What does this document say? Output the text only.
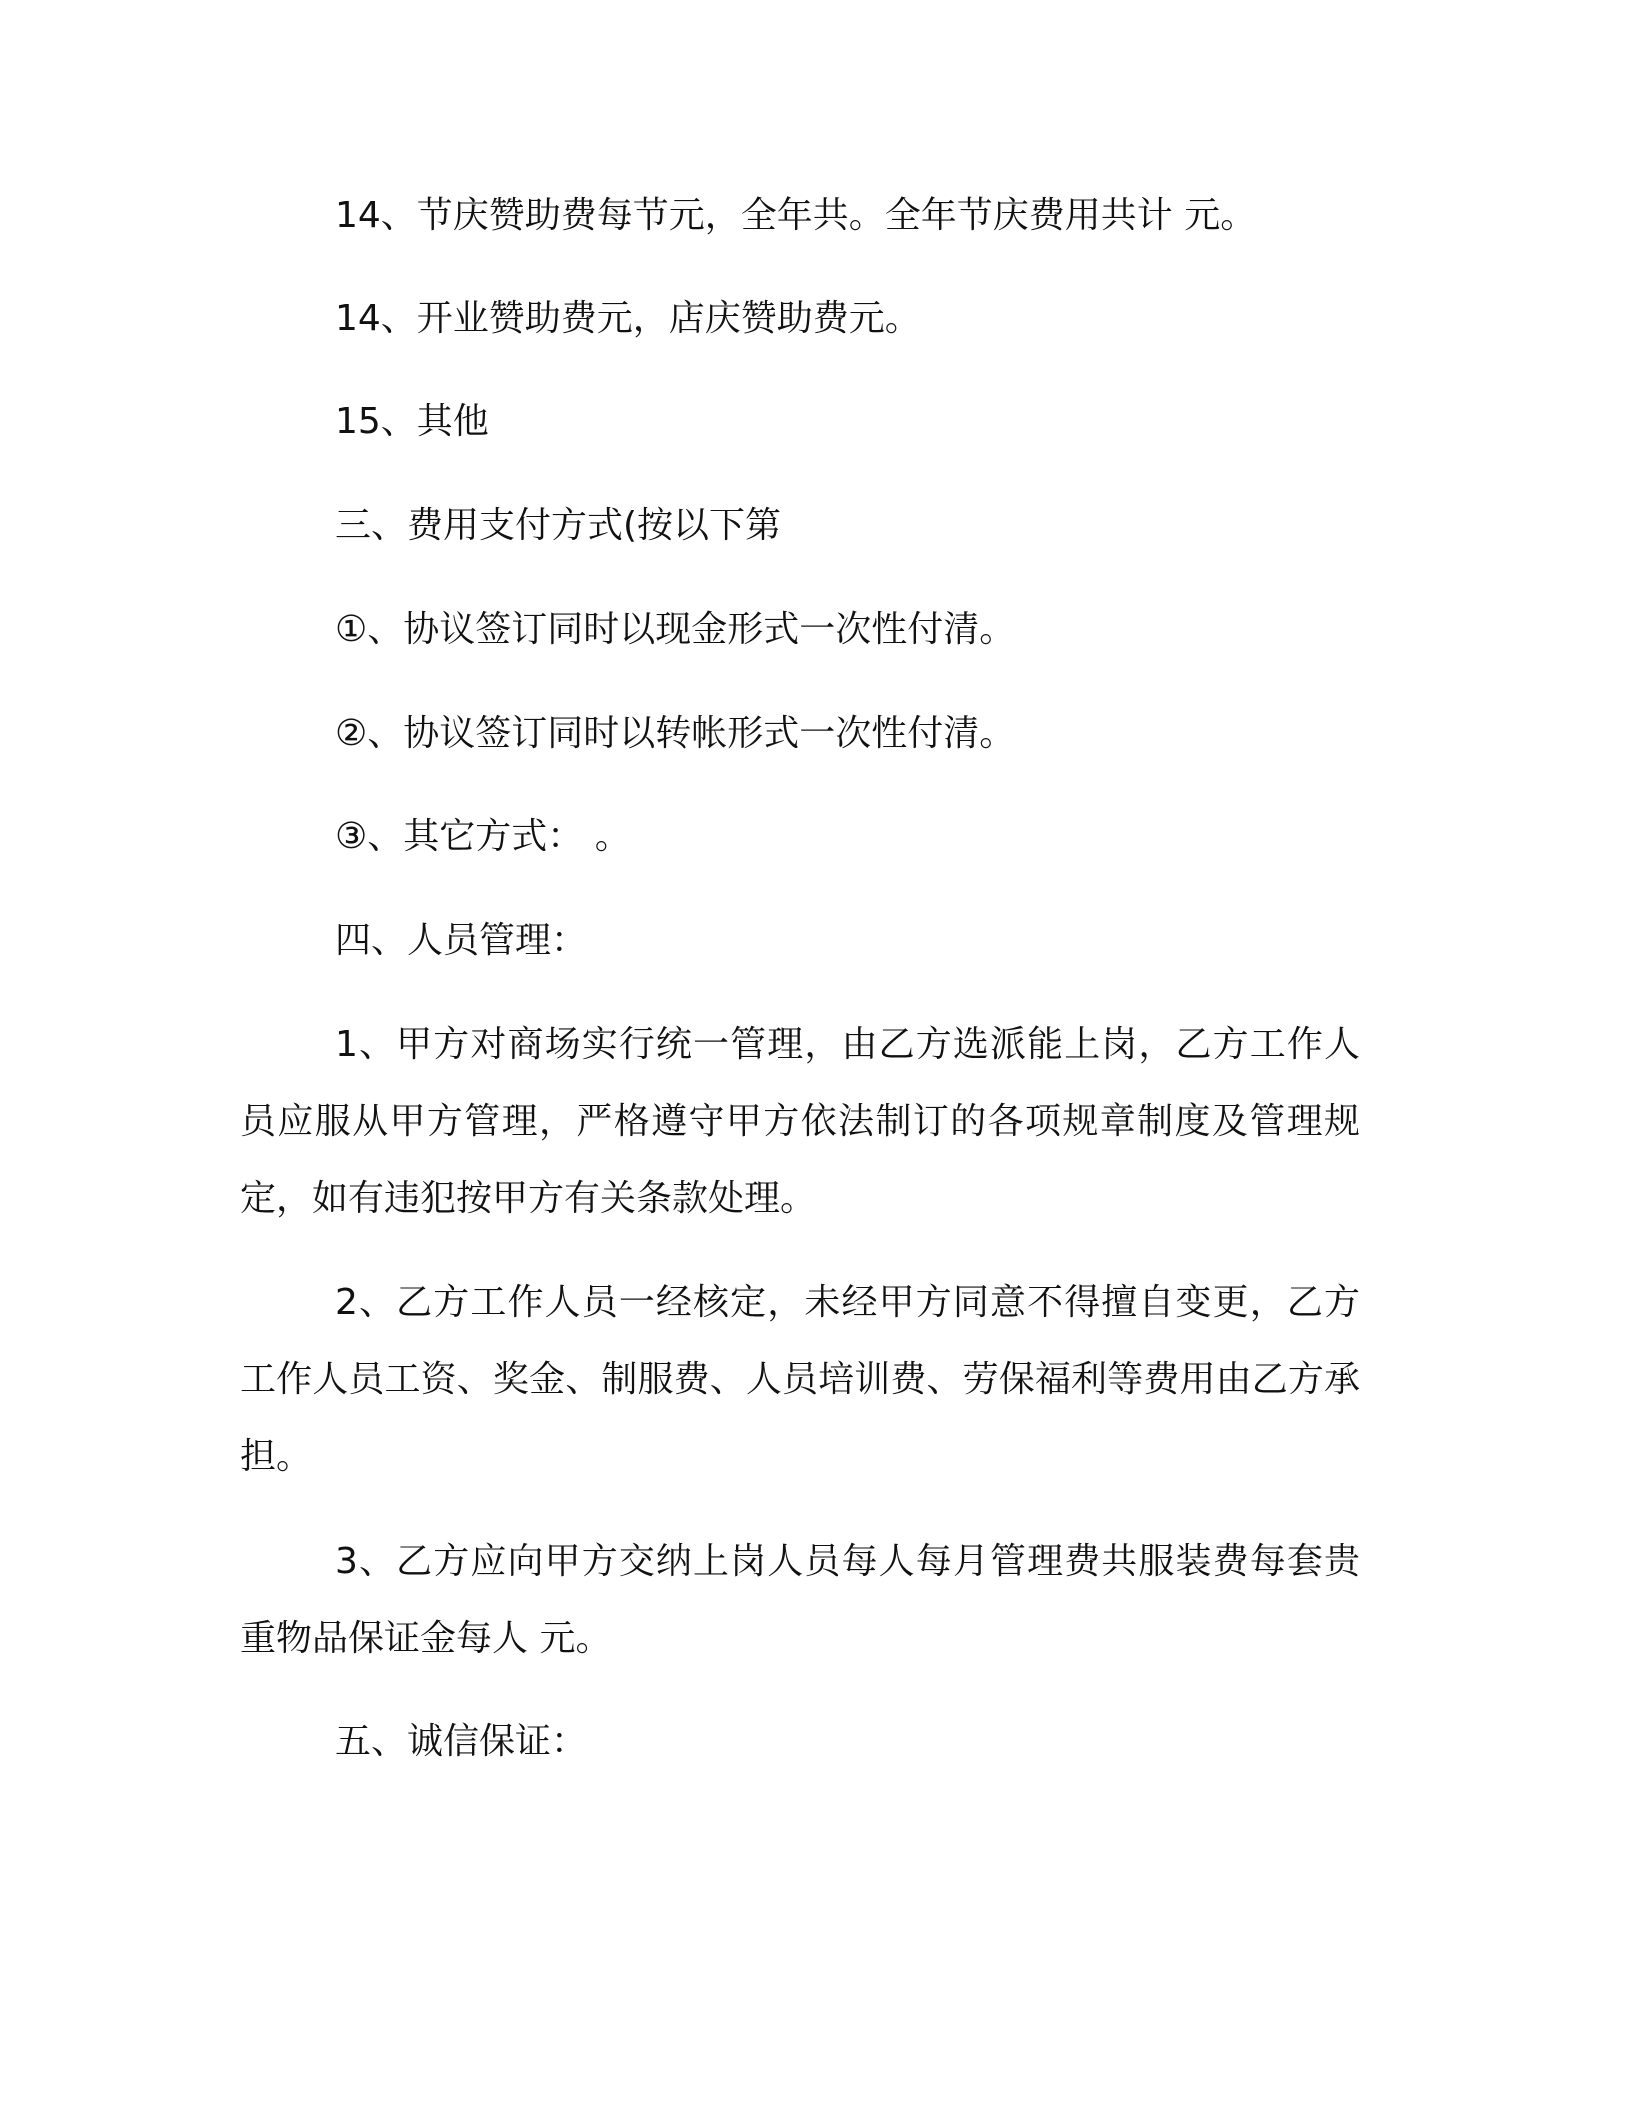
14、节庆赞助费每节元，全年共。全年节庆费用共计 元。
14、开业赞助费元，店庆赞助费元。
15、其他
三、费用支付方式(按以下第
①、协议签订同时以现金形式一次性付清。
②、协议签订同时以转帐形式一次性付清。
③、其它方式： 。
四、人员管理：
1、甲方对商场实行统一管理，由乙方选派能上岗，乙方工作人员应服从甲方管理，严格遵守甲方依法制订的各项规章制度及管理规定，如有违犯按甲方有关条款处理。
2、乙方工作人员一经核定，未经甲方同意不得擅自变更，乙方工作人员工资、奖金、制服费、人员培训费、劳保福利等费用由乙方承担。
3、乙方应向甲方交纳上岗人员每人每月管理费共服装费每套贵重物品保证金每人 元。
五、诚信保证：
